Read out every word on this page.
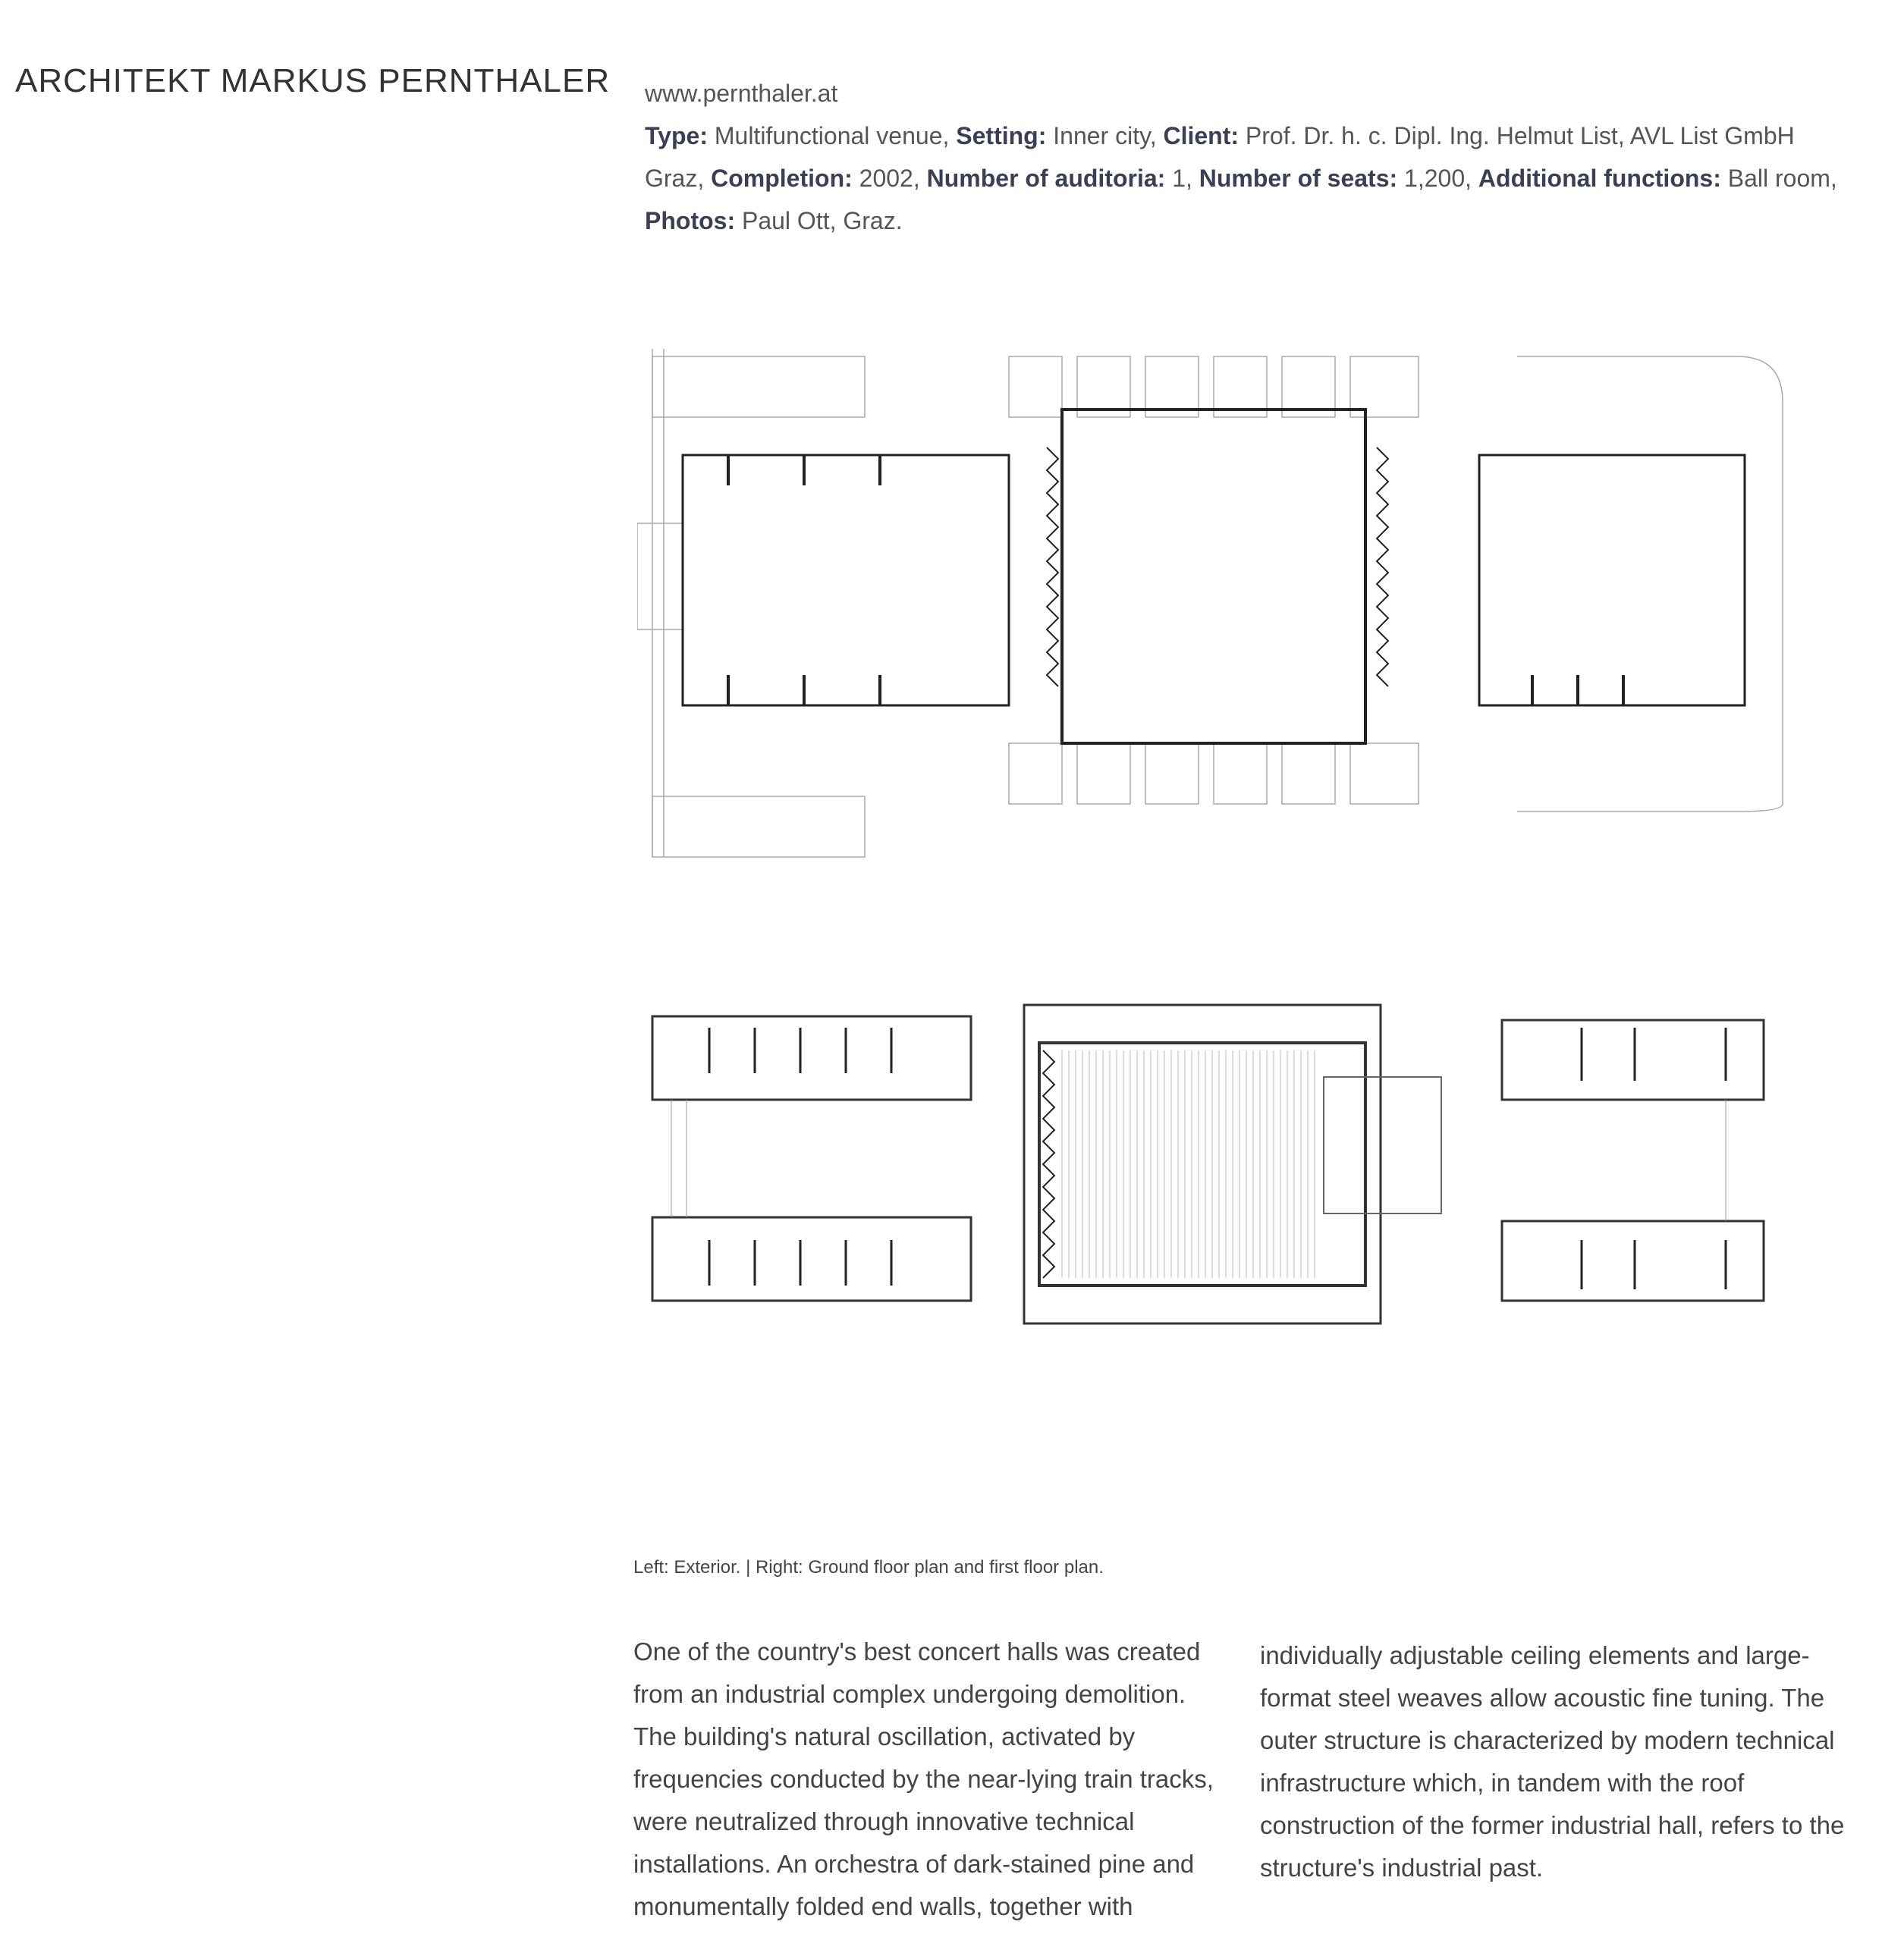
ARCHITEKT MARKUS PERNTHALER www.pernthaler.at
Type: Multifunctional venue, Setting: Inner city, Client: Prof. Dr. h. c. Dipl. Ing. Helmut List, AVL List GmbH Graz, Completion: 2002, Number of auditoria: 1, Number of seats: 1,200, Additional functions: Ball room, Photos: Paul Ott, Graz.
Left: Exterior. | Right: Ground floor plan and first floor plan.
One of the country's best concert halls was created from an industrial complex undergoing demolition. The building's natural oscillation, activated by frequencies conducted by the near-lying train tracks, were neutralized through innovative technical installations. An orchestra of dark-stained pine and monumentally folded end walls, together with
individually adjustable ceiling elements and large-format steel weaves allow acoustic fine tuning. The outer structure is characterized by modern technical infrastructure which, in tandem with the roof construction of the former industrial hall, refers to the structure's industrial past.
